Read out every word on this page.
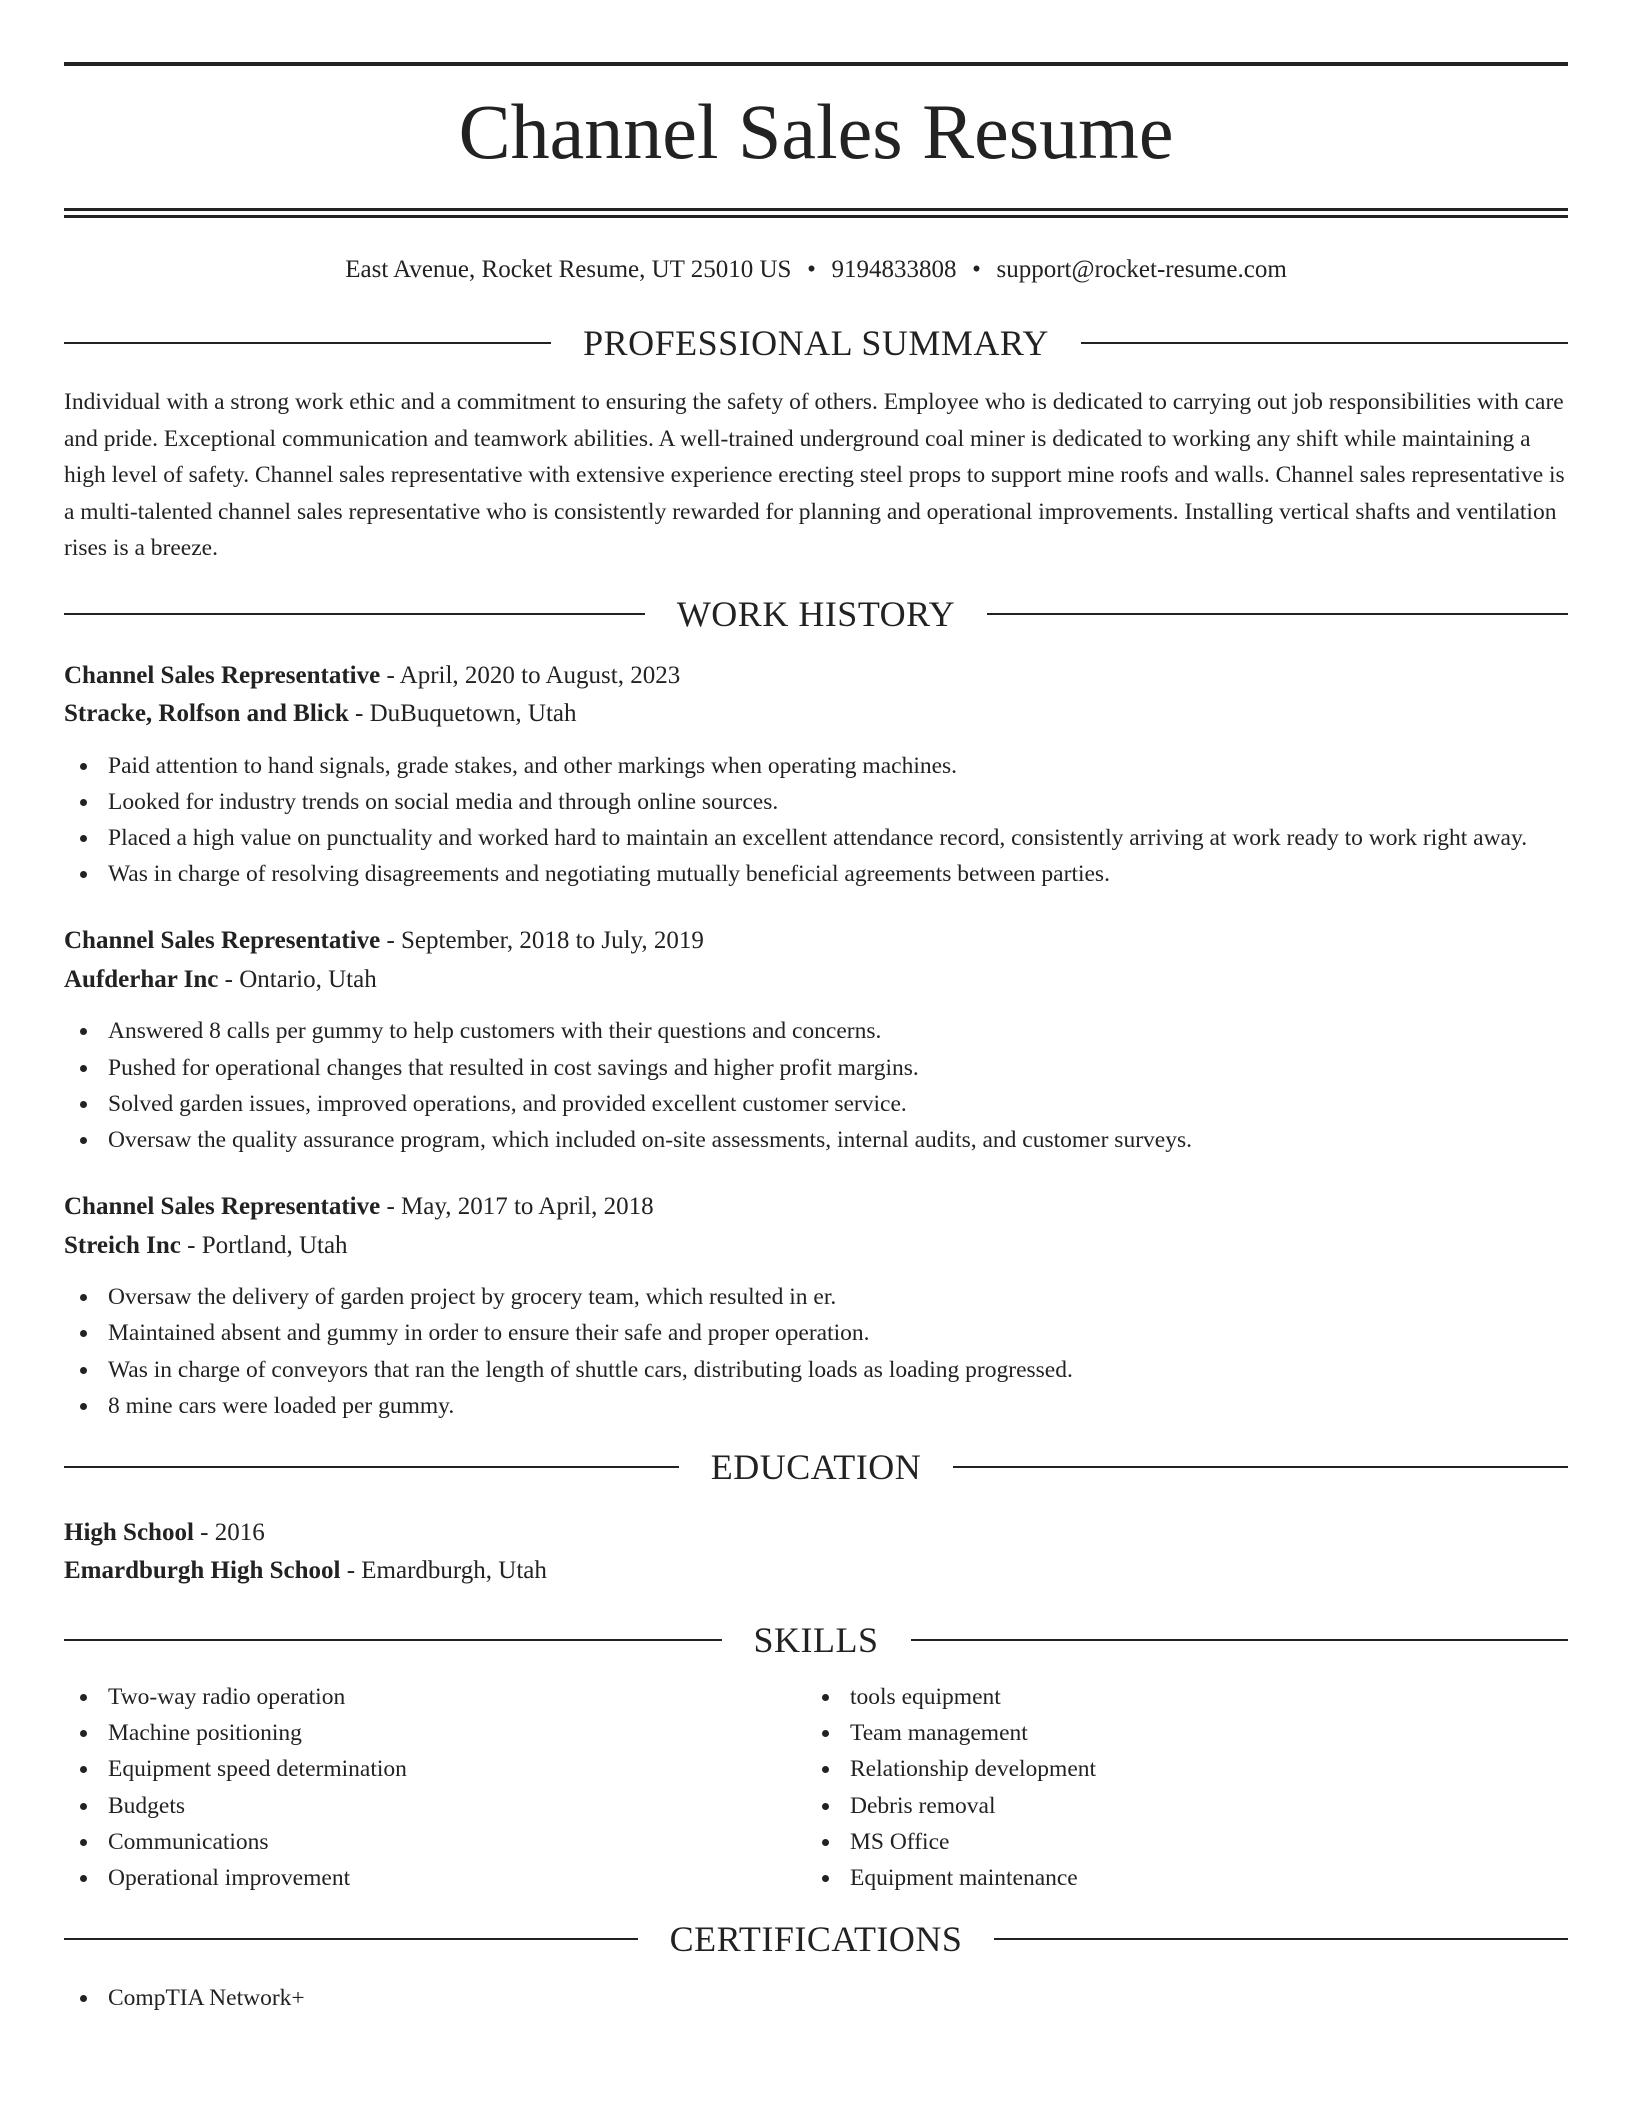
Channel Sales Resume
East Avenue, Rocket Resume, UT 25010 US • 9194833808 • support@rocket-resume.com
PROFESSIONAL SUMMARY
Individual with a strong work ethic and a commitment to ensuring the safety of others. Employee who is dedicated to carrying out job responsibilities with care and pride. Exceptional communication and teamwork abilities. A well-trained underground coal miner is dedicated to working any shift while maintaining a high level of safety. Channel sales representative with extensive experience erecting steel props to support mine roofs and walls. Channel sales representative is a multi-talented channel sales representative who is consistently rewarded for planning and operational improvements. Installing vertical shafts and ventilation rises is a breeze.
WORK HISTORY
Channel Sales Representative - April, 2020 to August, 2023
Stracke, Rolfson and Blick - DuBuquetown, Utah
Paid attention to hand signals, grade stakes, and other markings when operating machines.
Looked for industry trends on social media and through online sources.
Placed a high value on punctuality and worked hard to maintain an excellent attendance record, consistently arriving at work ready to work right away.
Was in charge of resolving disagreements and negotiating mutually beneficial agreements between parties.
Channel Sales Representative - September, 2018 to July, 2019
Aufderhar Inc - Ontario, Utah
Answered 8 calls per gummy to help customers with their questions and concerns.
Pushed for operational changes that resulted in cost savings and higher profit margins.
Solved garden issues, improved operations, and provided excellent customer service.
Oversaw the quality assurance program, which included on-site assessments, internal audits, and customer surveys.
Channel Sales Representative - May, 2017 to April, 2018
Streich Inc - Portland, Utah
Oversaw the delivery of garden project by grocery team, which resulted in er.
Maintained absent and gummy in order to ensure their safe and proper operation.
Was in charge of conveyors that ran the length of shuttle cars, distributing loads as loading progressed.
8 mine cars were loaded per gummy.
EDUCATION
High School - 2016
Emardburgh High School - Emardburgh, Utah
SKILLS
Two-way radio operation
Machine positioning
Equipment speed determination
Budgets
Communications
Operational improvement
tools equipment
Team management
Relationship development
Debris removal
MS Office
Equipment maintenance
CERTIFICATIONS
CompTIA Network+
